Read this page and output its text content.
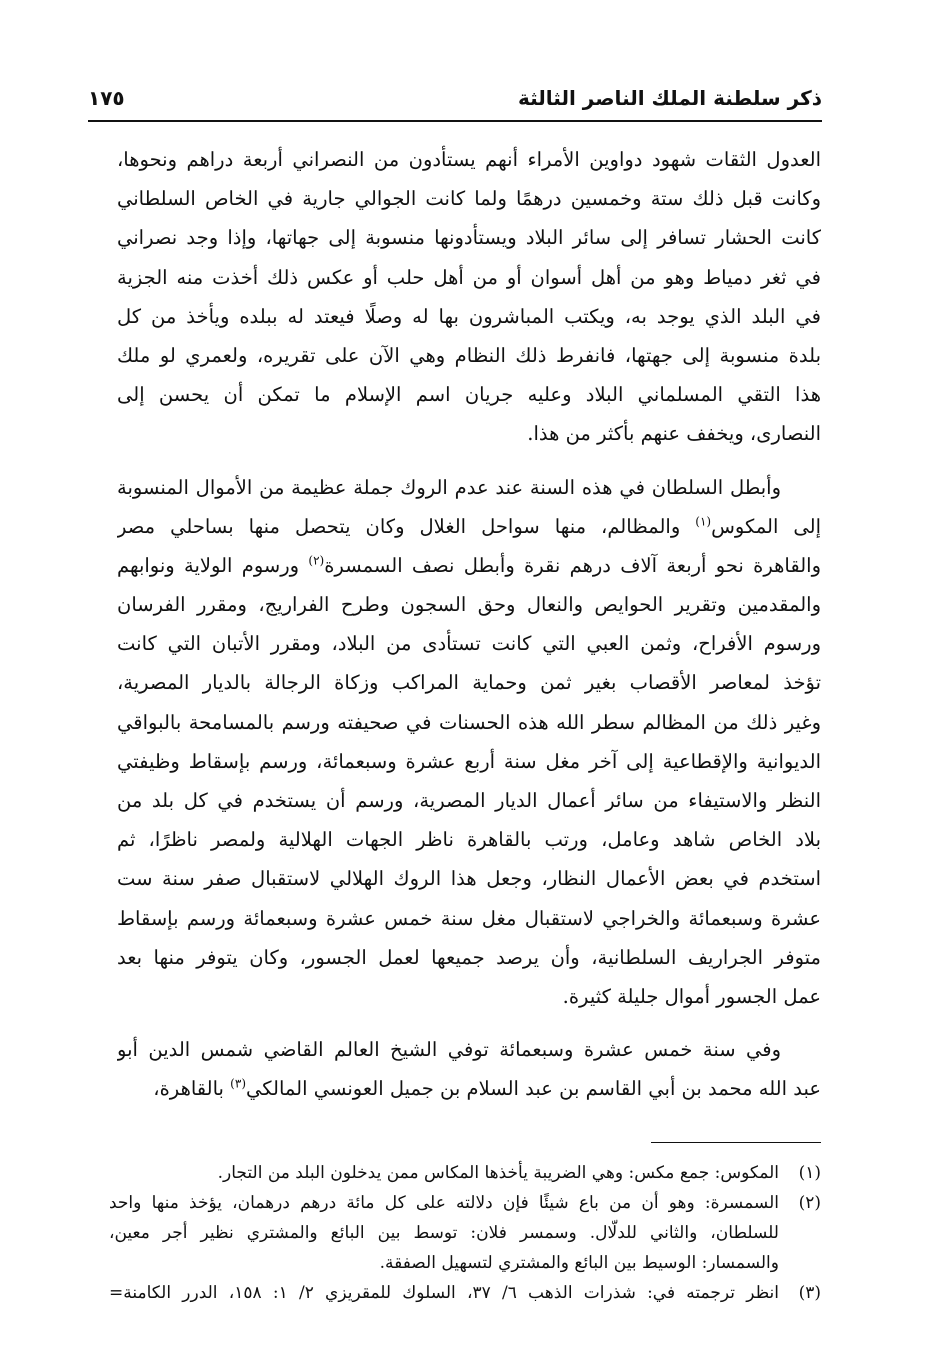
ذكر سلطنة الملك الناصر الثالثة
١٧٥
العدول الثقات شهود دواوين الأمراء أنهم يستأدون من النصراني أربعة دراهم ونحوها،
وكانت قبل ذلك ستة وخمسين درهمًا ولما كانت الجوالي جارية في الخاص السلطاني
كانت الحشار تسافر إلى سائر البلاد ويستأدونها منسوبة إلى جهاتها، وإذا وجد نصراني
في ثغر دمياط وهو من أهل أسوان أو من أهل حلب أو عكس ذلك أخذت منه الجزية
في البلد الذي يوجد به، ويكتب المباشرون بها له وصلًا فيعتد له ببلده ويأخذ من كل
بلدة منسوبة إلى جهتها، فانفرط ذلك النظام وهي الآن على تقريره، ولعمري لو ملك
هذا التقي المسلماني البلاد وعليه جريان اسم الإسلام ما تمكن أن يحسن إلى
النصارى، ويخفف عنهم بأكثر من هذا.
وأبطل السلطان في هذه السنة عند عدم الروك جملة عظيمة من الأموال المنسوبة
إلى المكوس$^{(١)}$ والمظالم، منها سواحل الغلال وكان يتحصل منها بساحلي مصر
والقاهرة نحو أربعة آلاف درهم نقرة وأبطل نصف السمسرة$^{(٢)}$ ورسوم الولاية ونوابهم
والمقدمين وتقرير الحوايص والنعال وحق السجون وطرح الفراريج، ومقرر الفرسان
ورسوم الأفراح، وثمن العبي التي كانت تستأدى من البلاد، ومقرر الأتبان التي كانت
تؤخذ لمعاصر الأقصاب بغير ثمن وحماية المراكب وزكاة الرجالة بالديار المصرية،
وغير ذلك من المظالم سطر الله هذه الحسنات في صحيفته ورسم بالمسامحة بالبواقي
الديوانية والإقطاعية إلى آخر مغل سنة أربع عشرة وسبعمائة، ورسم بإسقاط وظيفتي
النظر والاستيفاء من سائر أعمال الديار المصرية، ورسم أن يستخدم في كل بلد من
بلاد الخاص شاهد وعامل، ورتب بالقاهرة ناظر الجهات الهلالية ولمصر ناظرًا، ثم
استخدم في بعض الأعمال النظار، وجعل هذا الروك الهلالي لاستقبال صفر سنة ست
عشرة وسبعمائة والخراجي لاستقبال مغل سنة خمس عشرة وسبعمائة ورسم بإسقاط
متوفر الجراريف السلطانية، وأن يرصد جميعها لعمل الجسور، وكان يتوفر منها بعد
عمل الجسور أموال جليلة كثيرة.
وفي سنة خمس عشرة وسبعمائة توفي الشيخ العالم القاضي شمس الدين أبو
عبد الله محمد بن أبي القاسم بن عبد السلام بن جميل العونسي المالكي$^{(٣)}$ بالقاهرة،
(١)
المكوس: جمع مكس: وهي الضريبة يأخذها المكاس ممن يدخلون البلد من التجار.
(٢)
السمسرة: وهو أن من باع شيئًا فإن دلالته على كل مائة درهم درهمان، يؤخذ منها واحد
للسلطان، والثاني للدلّال. وسمسر فلان: توسط بين البائع والمشتري نظير أجر معين،
والسمسار: الوسيط بين البائع والمشتري لتسهيل الصفقة.
(٣)
انظر ترجمته في: شذرات الذهب ٦/ ٣٧، السلوك للمقريزي ٢/ ١: ١٥٨، الدرر الكامنة=
